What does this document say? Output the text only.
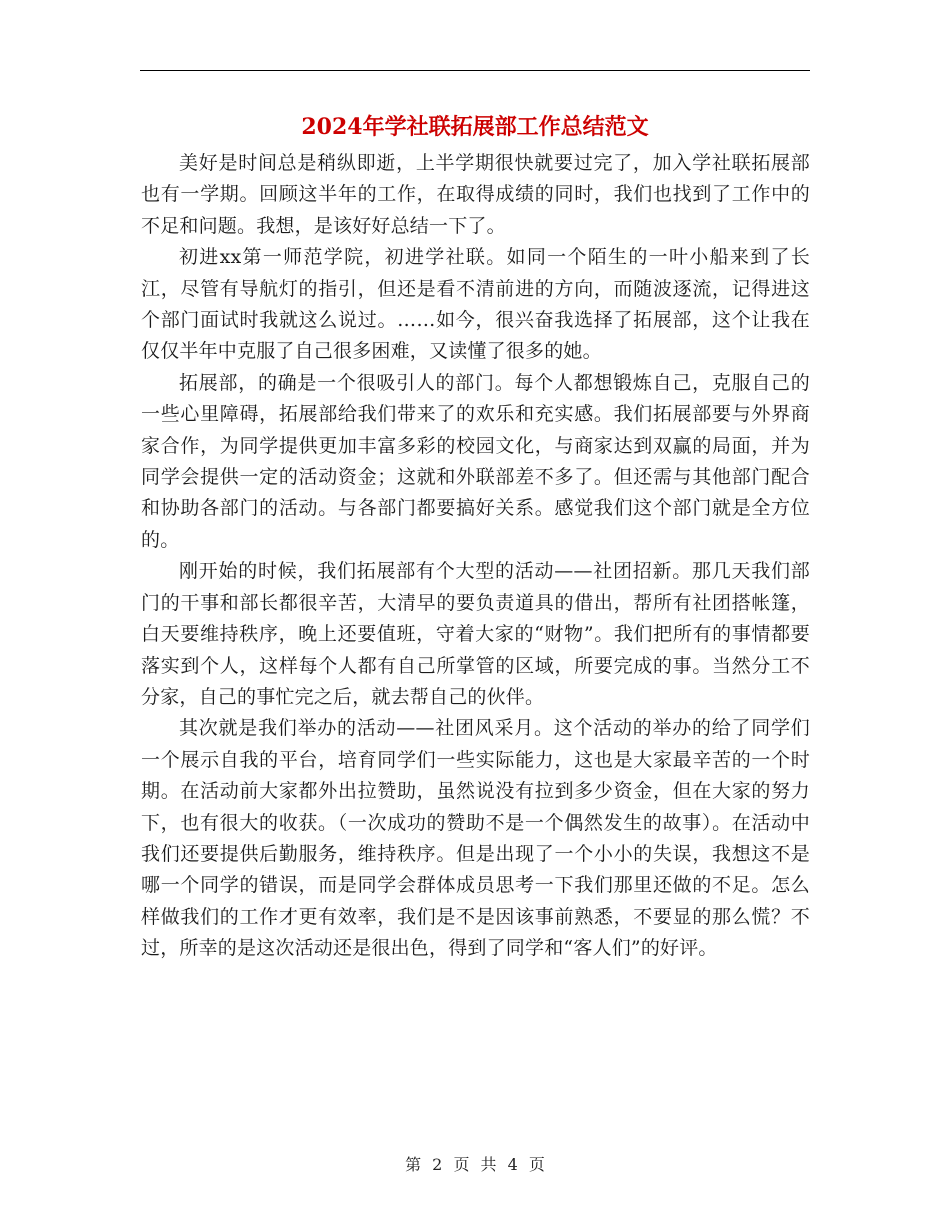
2024年学社联拓展部工作总结范文

美好是时间总是稍纵即逝，上半学期很快就要过完了，加入学社联拓展部也有一学期。回顾这半年的工作，在取得成绩的同时，我们也找到了工作中的不足和问题。我想，是该好好总结一下了。

初进xx第一师范学院，初进学社联。如同一个陌生的一叶小船来到了长江，尽管有导航灯的指引，但还是看不清前进的方向，而随波逐流，记得进这个部门面试时我就这么说过。……如今，很兴奋我选择了拓展部，这个让我在仅仅半年中克服了自己很多困难，又读懂了很多的她。

拓展部，的确是一个很吸引人的部门。每个人都想锻炼自己，克服自己的一些心里障碍，拓展部给我们带来了的欢乐和充实感。我们拓展部要与外界商家合作，为同学提供更加丰富多彩的校园文化，与商家达到双赢的局面，并为同学会提供一定的活动资金；这就和外联部差不多了。但还需与其他部门配合和协助各部门的活动。与各部门都要搞好关系。感觉我们这个部门就是全方位的。

刚开始的时候，我们拓展部有个大型的活动——社团招新。那几天我们部门的干事和部长都很辛苦，大清早的要负责道具的借出，帮所有社团搭帐篷，白天要维持秩序，晚上还要值班，守着大家的“财物”。我们把所有的事情都要落实到个人，这样每个人都有自己所掌管的区域，所要完成的事。当然分工不分家，自己的事忙完之后，就去帮自己的伙伴。

其次就是我们举办的活动——社团风采月。这个活动的举办的给了同学们一个展示自我的平台，培育同学们一些实际能力，这也是大家最辛苦的一个时期。在活动前大家都外出拉赞助，虽然说没有拉到多少资金，但在大家的努力下，也有很大的收获。（一次成功的赞助不是一个偶然发生的故事）。在活动中我们还要提供后勤服务，维持秩序。但是出现了一个小小的失误，我想这不是哪一个同学的错误，而是同学会群体成员思考一下我们那里还做的不足。怎么样做我们的工作才更有效率，我们是不是因该事前熟悉，不要显的那么慌？不过，所幸的是这次活动还是很出色，得到了同学和“客人们”的好评。

第 2 页 共 4 页
